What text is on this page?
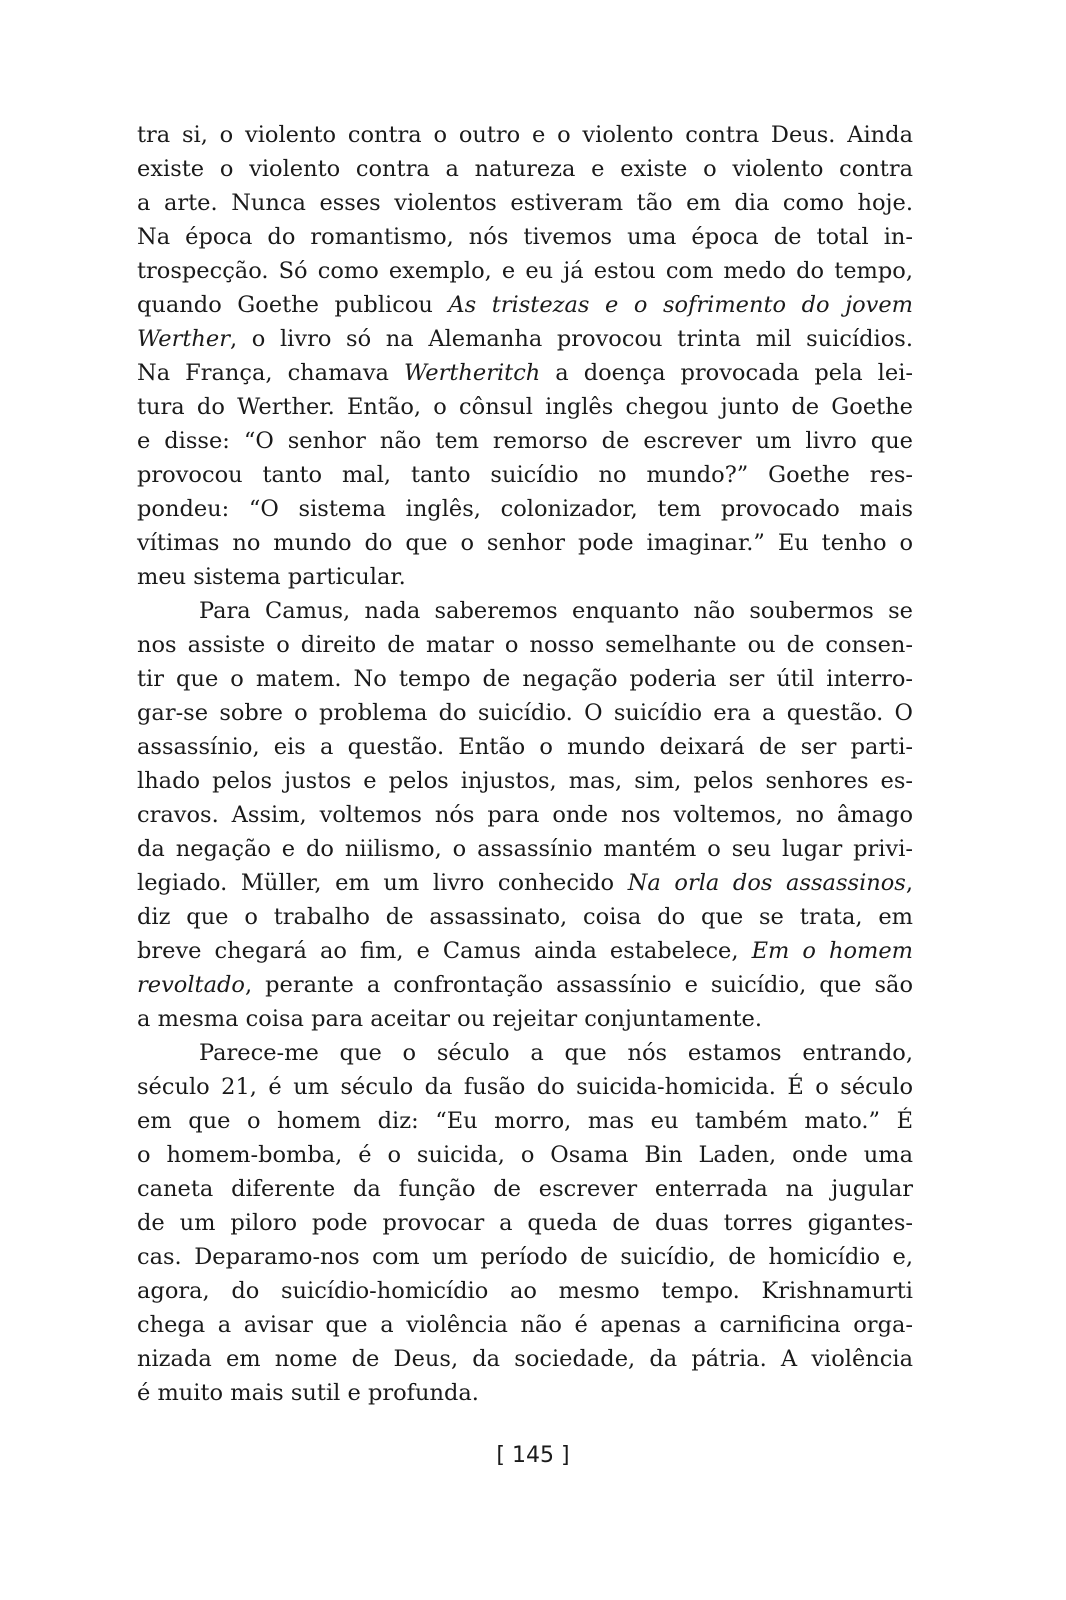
tra si, o violento contra o outro e o violento contra Deus. Ainda
existe o violento contra a natureza e existe o violento contra
a arte. Nunca esses violentos estiveram tão em dia como hoje.
Na época do romantismo, nós tivemos uma época de total in-
trospecção. Só como exemplo, e eu já estou com medo do tempo,
quando Goethe publicou As tristezas e o sofrimento do jovem
Werther, o livro só na Alemanha provocou trinta mil suicídios.
Na França, chamava Wertheritch a doença provocada pela lei-
tura do Werther. Então, o cônsul inglês chegou junto de Goethe
e disse: “O senhor não tem remorso de escrever um livro que
provocou tanto mal, tanto suicídio no mundo?” Goethe res-
pondeu: “O sistema inglês, colonizador, tem provocado mais
vítimas no mundo do que o senhor pode imaginar.” Eu tenho o
meu sistema particular.
Para Camus, nada saberemos enquanto não soubermos se
nos assiste o direito de matar o nosso semelhante ou de consen-
tir que o matem. No tempo de negação poderia ser útil interro-
gar-se sobre o problema do suicídio. O suicídio era a questão. O
assassínio, eis a questão. Então o mundo deixará de ser parti-
lhado pelos justos e pelos injustos, mas, sim, pelos senhores es-
cravos. Assim, voltemos nós para onde nos voltemos, no âmago
da negação e do niilismo, o assassínio mantém o seu lugar privi-
legiado. Müller, em um livro conhecido Na orla dos assassinos,
diz que o trabalho de assassinato, coisa do que se trata, em
breve chegará ao fim, e Camus ainda estabelece, Em o homem
revoltado, perante a confrontação assassínio e suicídio, que são
a mesma coisa para aceitar ou rejeitar conjuntamente.
Parece-me que o século a que nós estamos entrando,
século 21, é um século da fusão do suicida-homicida. É o século
em que o homem diz: “Eu morro, mas eu também mato.” É
o homem-bomba, é o suicida, o Osama Bin Laden, onde uma
caneta diferente da função de escrever enterrada na jugular
de um piloro pode provocar a queda de duas torres gigantes-
cas. Deparamo-nos com um período de suicídio, de homicídio e,
agora, do suicídio-homicídio ao mesmo tempo. Krishnamurti
chega a avisar que a violência não é apenas a carnificina orga-
nizada em nome de Deus, da sociedade, da pátria. A violência
é muito mais sutil e profunda.
[ 145 ]
